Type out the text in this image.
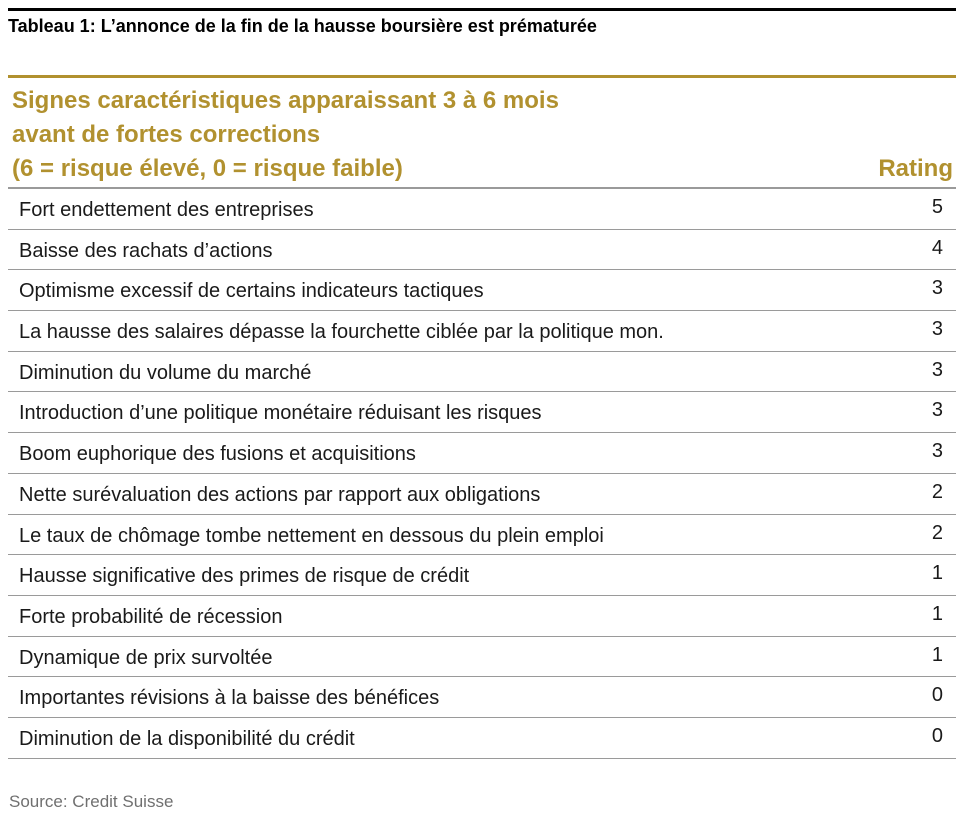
Tableau 1: L’annonce de la fin de la hausse boursière est prématurée
Signes caractéristiques apparaissant 3 à 6 mois
avant de fortes corrections
(6 = risque élevé, 0 = risque faible)	Rating
Fort endettement des entreprises	5
Baisse des rachats d’actions	4
Optimisme excessif de certains indicateurs tactiques	3
La hausse des salaires dépasse la fourchette ciblée par la politique mon.	3
Diminution du volume du marché	3
Introduction d’une politique monétaire réduisant les risques	3
Boom euphorique des fusions et acquisitions	3
Nette surévaluation des actions par rapport aux obligations	2
Le taux de chômage tombe nettement en dessous du plein emploi	2
Hausse significative des primes de risque de crédit	1
Forte probabilité de récession	1
Dynamique de prix survoltée	1
Importantes révisions à la baisse des bénéfices	0
Diminution de la disponibilité du crédit	0
Source: Credit Suisse
